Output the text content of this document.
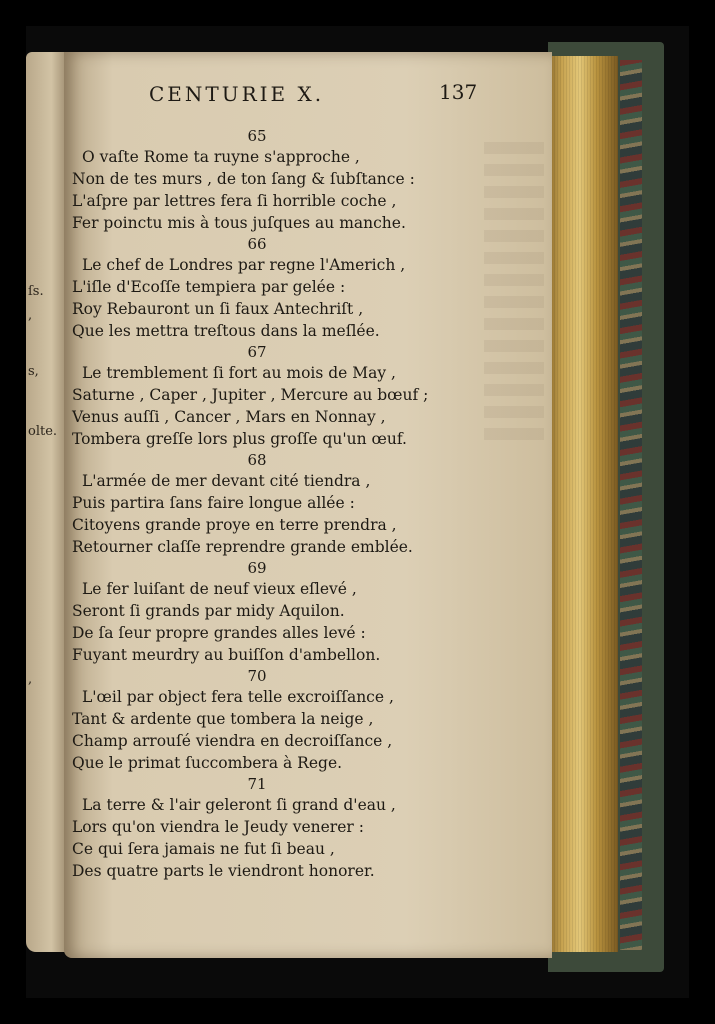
ſs.
,
s,
olte.
,
CENTURIE X.	137
65
O vaſte Rome ta ruyne s'approche ,
Non de tes murs , de ton ſang & ſubſtance :
L'aſpre par lettres fera ſi horrible coche ,
Fer poinctu mis à tous juſques au manche.
66
Le chef de Londres par regne l'Americh ,
L'iſle d'Ecoſſe tempiera par gelée :
Roy Rebauront un ſi faux Antechriſt ,
Que les mettra treſtous dans la meſlée.
67
Le tremblement ſi fort au mois de May ,
Saturne , Caper , Jupiter , Mercure au bœuf ;
Venus auſſi , Cancer , Mars en Nonnay ,
Tombera greſſe lors plus groſſe qu'un œuf.
68
L'armée de mer devant cité tiendra ,
Puis partira ſans faire longue allée :
Citoyens grande proye en terre prendra ,
Retourner claſſe reprendre grande emblée.
69
Le fer luiſant de neuf vieux eſlevé ,
Seront ſi grands par midy Aquilon.
De ſa ſeur propre grandes alles levé :
Fuyant meurdry au buiſſon d'ambellon.
70
L'œil par object fera telle excroiſſance ,
Tant & ardente que tombera la neige ,
Champ arrouſé viendra en decroiſſance ,
Que le primat ſuccombera à Rege.
71
La terre & l'air geleront ſi grand d'eau ,
Lors qu'on viendra le Jeudy venerer :
Ce qui ſera jamais ne fut ſi beau ,
Des quatre parts le viendront honorer.
